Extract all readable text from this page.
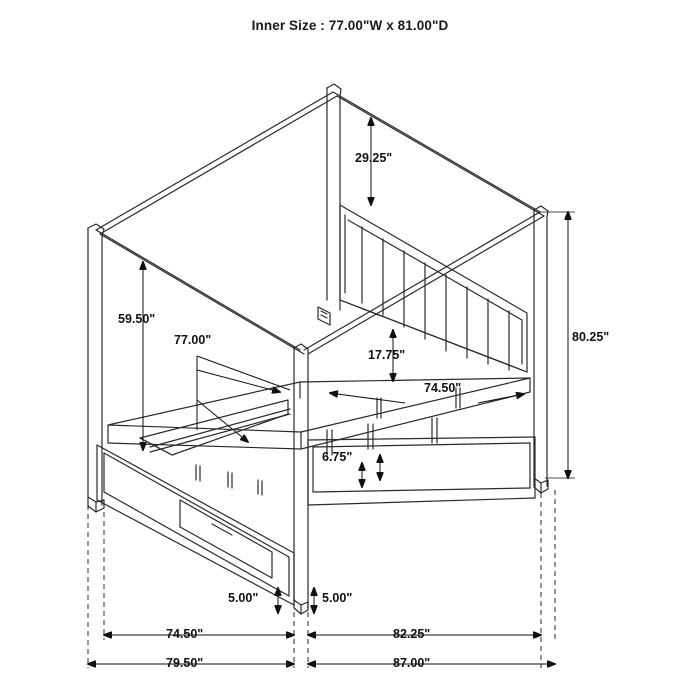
Inner Size : 77.00"W x 81.00"D
29.25"
59.50"
77.00"
17.75"
80.25"
74.50"
6.75"
5.00"	5.00"
74.50"	82.25"
79.50"	87.00"
